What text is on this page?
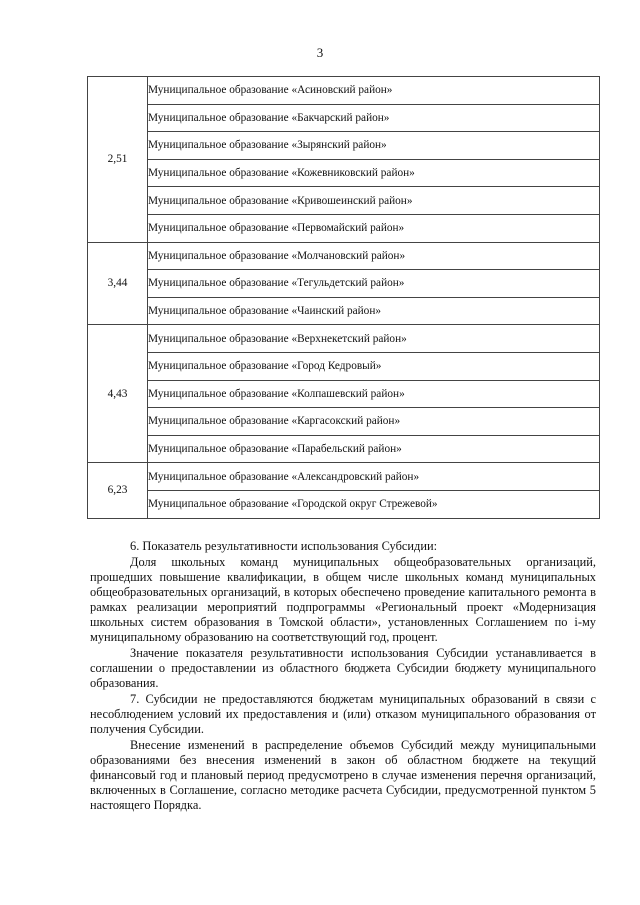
3
2,51	Муниципальное образование «Асиновский район»
	Муниципальное образование «Бакчарский район»
	Муниципальное образование «Зырянский район»
	Муниципальное образование «Кожевниковский район»
	Муниципальное образование «Кривошеинский район»
	Муниципальное образование «Первомайский район»
3,44	Муниципальное образование «Молчановский район»
	Муниципальное образование «Тегульдетский район»
	Муниципальное образование «Чаинский район»
4,43	Муниципальное образование «Верхнекетский район»
	Муниципальное образование «Город Кедровый»
	Муниципальное образование «Колпашевский район»
	Муниципальное образование «Каргасокский район»
	Муниципальное образование «Парабельский район»
6,23	Муниципальное образование «Александровский район»
	Муниципальное образование «Городской округ Стрежевой»

6. Показатель результативности использования Субсидии:

Доля школьных команд муниципальных общеобразовательных организаций, прошедших повышение квалификации, в общем числе школьных команд муниципальных общеобразовательных организаций, в которых обеспечено проведение капитального ремонта в рамках реализации мероприятий подпрограммы «Региональный проект «Модернизация школьных систем образования в Томской области», установленных Соглашением по i-му муниципальному образованию на соответствующий год, процент.

Значение показателя результативности использования Субсидии устанавливается в соглашении о предоставлении из областного бюджета Субсидии бюджету муниципального образования.

7. Субсидии не предоставляются бюджетам муниципальных образований в связи с несоблюдением условий их предоставления и (или) отказом муниципального образования от получения Субсидии.

Внесение изменений в распределение объемов Субсидий между муниципальными образованиями без внесения изменений в закон об областном бюджете на текущий финансовый год и плановый период предусмотрено в случае изменения перечня организаций, включенных в Соглашение, согласно методике расчета Субсидии, предусмотренной пунктом 5 настоящего Порядка.
